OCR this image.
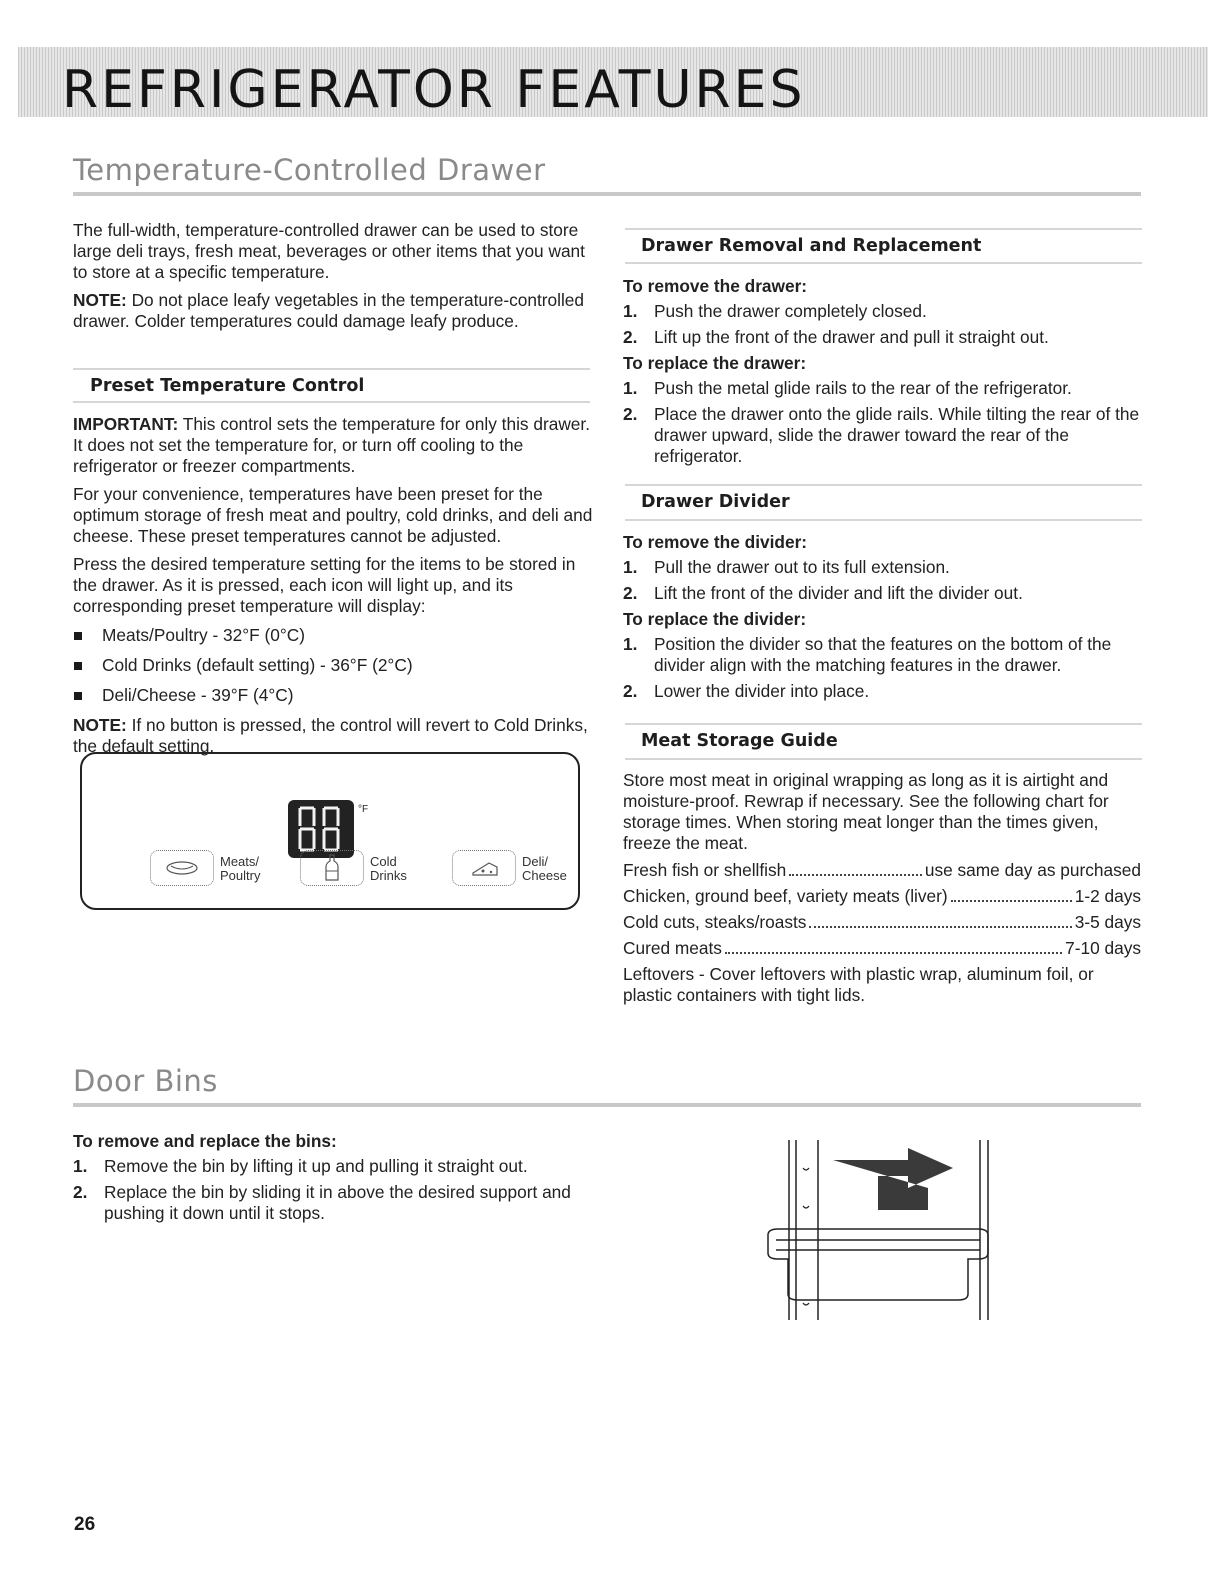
REFRIGERATOR FEATURES
Temperature-Controlled Drawer

The full-width, temperature-controlled drawer can be used to store large deli trays, fresh meat, beverages or other items that you want to store at a specific temperature.

NOTE: Do not place leafy vegetables in the temperature-controlled drawer. Colder temperatures could damage leafy produce.

Preset Temperature Control

IMPORTANT: This control sets the temperature for only this drawer. It does not set the temperature for, or turn off cooling to the refrigerator or freezer compartments.

For your convenience, temperatures have been preset for the optimum storage of fresh meat and poultry, cold drinks, and deli and cheese. These preset temperatures cannot be adjusted.

Press the desired temperature setting for the items to be stored in the drawer. As it is pressed, each icon will light up, and its corresponding preset temperature will display:

Meats/Poultry - 32°F (0°C)
Cold Drinks (default setting) - 36°F (2°C)
Deli/Cheese - 39°F (4°C)

NOTE: If no button is pressed, the control will revert to Cold Drinks, the default setting.

°F
Meats/
Poultry
Cold
Drinks
Deli/
Cheese
Drawer Removal and Replacement

To remove the drawer:

1. Push the drawer completely closed.
2. Lift up the front of the drawer and pull it straight out.

To replace the drawer:

1. Push the metal glide rails to the rear of the refrigerator.
2. Place the drawer onto the glide rails. While tilting the rear of the drawer upward, slide the drawer toward the rear of the refrigerator.
Drawer Divider

To remove the divider:

1. Pull the drawer out to its full extension.
2. Lift the front of the divider and lift the divider out.

To replace the divider:

1. Position the divider so that the features on the bottom of the divider align with the matching features in the drawer.
2. Lower the divider into place.
Meat Storage Guide

Store most meat in original wrapping as long as it is airtight and moisture-proof. Rewrap if necessary. See the following chart for storage times. When storing meat longer than the times given, freeze the meat.

Fresh fish or shellfish	use same day as purchased
Chicken, ground beef, variety meats (liver)	1-2 days
Cold cuts, steaks/roasts	3-5 days
Cured meats	7-10 days

Leftovers - Cover leftovers with plastic wrap, aluminum foil, or plastic containers with tight lids.

Door Bins

To remove and replace the bins:

1. Remove the bin by lifting it up and pulling it straight out.
2. Replace the bin by sliding it in above the desired support and pushing it down until it stops.
26
